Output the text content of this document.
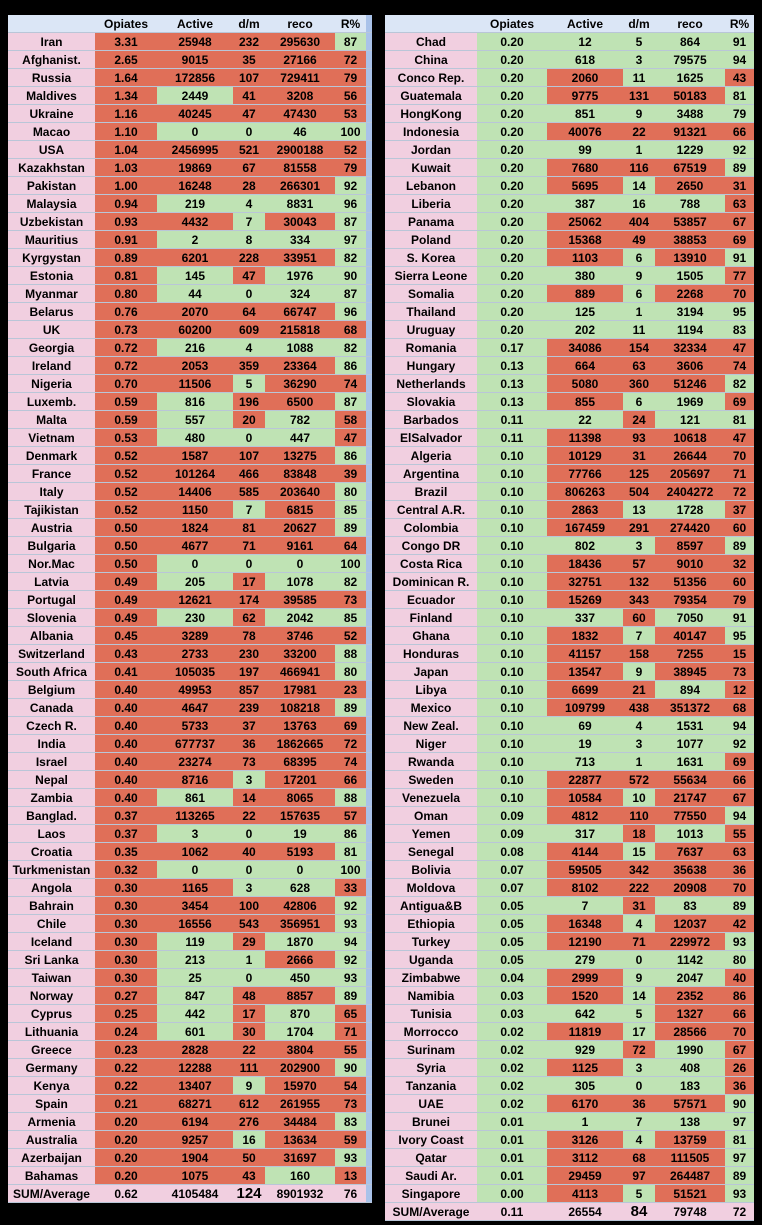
Opiates	Active	d/m	reco	R%
Iran	3.31	25948	232	295630	87
Afghanist.	2.65	9015	35	27166	72
Russia	1.64	172856	107	729411	79
Maldives	1.34	2449	41	3208	56
Ukraine	1.16	40245	47	47430	53
Macao	1.10	0	0	46	100
USA	1.04	2456995	521	2900188	52
Kazakhstan	1.03	19869	67	81558	79
Pakistan	1.00	16248	28	266301	92
Malaysia	0.94	219	4	8831	96
Uzbekistan	0.93	4432	7	30043	87
Mauritius	0.91	2	8	334	97
Kyrgystan	0.89	6201	228	33951	82
Estonia	0.81	145	47	1976	90
Myanmar	0.80	44	0	324	87
Belarus	0.76	2070	64	66747	96
UK	0.73	60200	609	215818	68
Georgia	0.72	216	4	1088	82
Ireland	0.72	2053	359	23364	86
Nigeria	0.70	11506	5	36290	74
Luxemb.	0.59	816	196	6500	87
Malta	0.59	557	20	782	58
Vietnam	0.53	480	0	447	47
Denmark	0.52	1587	107	13275	86
France	0.52	101264	466	83848	39
Italy	0.52	14406	585	203640	80
Tajikistan	0.52	1150	7	6815	85
Austria	0.50	1824	81	20627	89
Bulgaria	0.50	4677	71	9161	64
Nor.Mac	0.50	0	0	0	100
Latvia	0.49	205	17	1078	82
Portugal	0.49	12621	174	39585	73
Slovenia	0.49	230	62	2042	85
Albania	0.45	3289	78	3746	52
Switzerland	0.43	2733	230	33200	88
South Africa	0.41	105035	197	466941	80
Belgium	0.40	49953	857	17981	23
Canada	0.40	4647	239	108218	89
Czech R.	0.40	5733	37	13763	69
India	0.40	677737	36	1862665	72
Israel	0.40	23274	73	68395	74
Nepal	0.40	8716	3	17201	66
Zambia	0.40	861	14	8065	88
Banglad.	0.37	113265	22	157635	57
Laos	0.37	3	0	19	86
Croatia	0.35	1062	40	5193	81
Turkmenistan	0.32	0	0	0	100
Angola	0.30	1165	3	628	33
Bahrain	0.30	3454	100	42806	92
Chile	0.30	16556	543	356951	93
Iceland	0.30	119	29	1870	94
Sri Lanka	0.30	213	1	2666	92
Taiwan	0.30	25	0	450	93
Norway	0.27	847	48	8857	89
Cyprus	0.25	442	17	870	65
Lithuania	0.24	601	30	1704	71
Greece	0.23	2828	22	3804	55
Germany	0.22	12288	111	202900	90
Kenya	0.22	13407	9	15970	54
Spain	0.21	68271	612	261955	73
Armenia	0.20	6194	276	34484	83
Australia	0.20	9257	16	13634	59
Azerbaijan	0.20	1904	50	31697	93
Bahamas	0.20	1075	43	160	13
SUM/Average	0.62	4105484	124	8901932	76
Opiates	Active	d/m	reco	R%
Chad	0.20	12	5	864	91
China	0.20	618	3	79575	94
Conco Rep.	0.20	2060	11	1625	43
Guatemala	0.20	9775	131	50183	81
HongKong	0.20	851	9	3488	79
Indonesia	0.20	40076	22	91321	66
Jordan	0.20	99	1	1229	92
Kuwait	0.20	7680	116	67519	89
Lebanon	0.20	5695	14	2650	31
Liberia	0.20	387	16	788	63
Panama	0.20	25062	404	53857	67
Poland	0.20	15368	49	38853	69
S. Korea	0.20	1103	6	13910	91
Sierra Leone	0.20	380	9	1505	77
Somalia	0.20	889	6	2268	70
Thailand	0.20	125	1	3194	95
Uruguay	0.20	202	11	1194	83
Romania	0.17	34086	154	32334	47
Hungary	0.13	664	63	3606	74
Netherlands	0.13	5080	360	51246	82
Slovakia	0.13	855	6	1969	69
Barbados	0.11	22	24	121	81
ElSalvador	0.11	11398	93	10618	47
Algeria	0.10	10129	31	26644	70
Argentina	0.10	77766	125	205697	71
Brazil	0.10	806263	504	2404272	72
Central A.R.	0.10	2863	13	1728	37
Colombia	0.10	167459	291	274420	60
Congo DR	0.10	802	3	8597	89
Costa Rica	0.10	18436	57	9010	32
Dominican R.	0.10	32751	132	51356	60
Ecuador	0.10	15269	343	79354	79
Finland	0.10	337	60	7050	91
Ghana	0.10	1832	7	40147	95
Honduras	0.10	41157	158	7255	15
Japan	0.10	13547	9	38945	73
Libya	0.10	6699	21	894	12
Mexico	0.10	109799	438	351372	68
New Zeal.	0.10	69	4	1531	94
Niger	0.10	19	3	1077	92
Rwanda	0.10	713	1	1631	69
Sweden	0.10	22877	572	55634	66
Venezuela	0.10	10584	10	21747	67
Oman	0.09	4812	110	77550	94
Yemen	0.09	317	18	1013	55
Senegal	0.08	4144	15	7637	63
Bolivia	0.07	59505	342	35638	36
Moldova	0.07	8102	222	20908	70
Antigua&B	0.05	7	31	83	89
Ethiopia	0.05	16348	4	12037	42
Turkey	0.05	12190	71	229972	93
Uganda	0.05	279	0	1142	80
Zimbabwe	0.04	2999	9	2047	40
Namibia	0.03	1520	14	2352	86
Tunisia	0.03	642	5	1327	66
Morrocco	0.02	11819	17	28566	70
Surinam	0.02	929	72	1990	67
Syria	0.02	1125	3	408	26
Tanzania	0.02	305	0	183	36
UAE	0.02	6170	36	57571	90
Brunei	0.01	1	7	138	97
Ivory Coast	0.01	3126	4	13759	81
Qatar	0.01	3112	68	111505	97
Saudi Ar.	0.01	29459	97	264487	89
Singapore	0.00	4113	5	51521	93
SUM/Average	0.11	26554	84	79748	72
